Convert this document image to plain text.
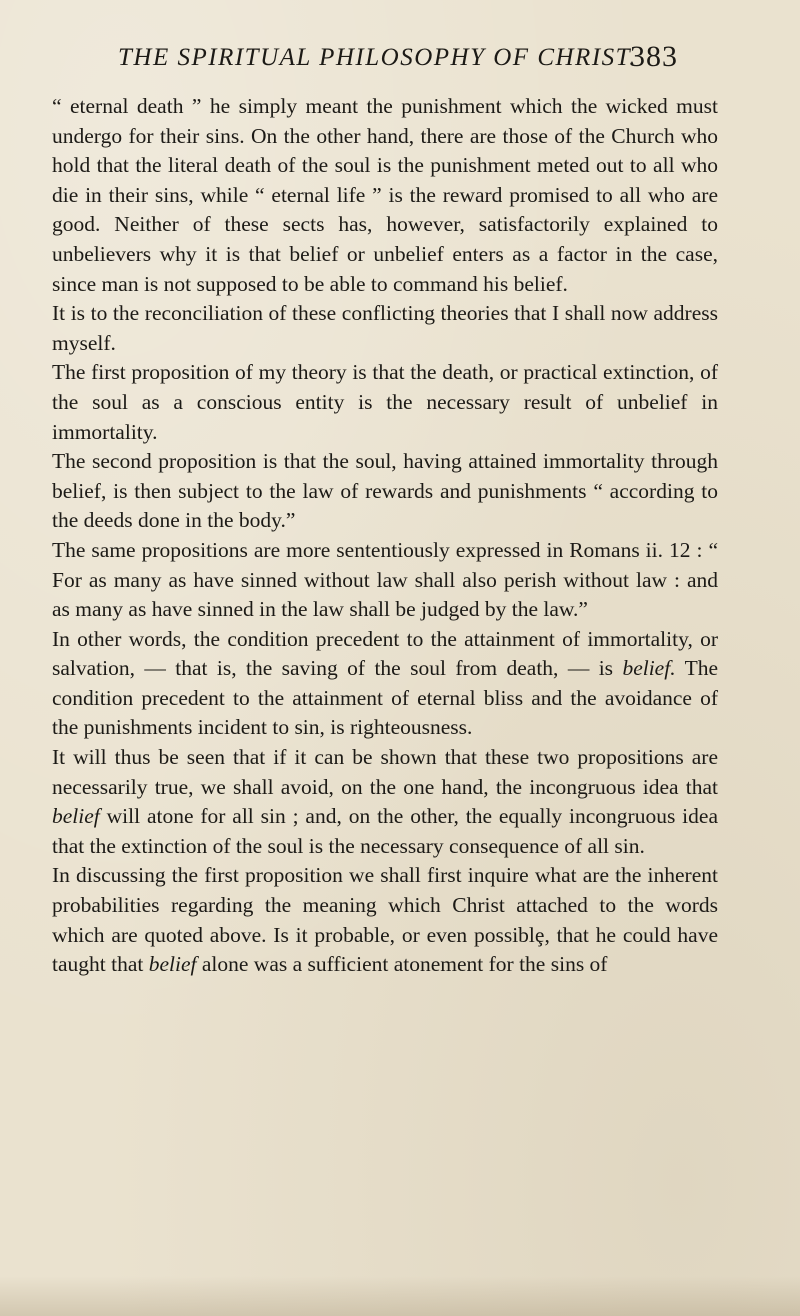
THE SPIRITUAL PHILOSOPHY OF CHRIST.
383

“ eternal death ” he simply meant the punishment which the wicked must undergo for their sins. On the other hand, there are those of the Church who hold that the literal death of the soul is the punishment meted out to all who die in their sins, while “ eternal life ” is the reward promised to all who are good. Neither of these sects has, however, satisfactorily explained to unbelievers why it is that belief or unbelief enters as a factor in the case, since man is not supposed to be able to command his belief.

It is to the reconciliation of these conflicting theories that I shall now address myself.

The first proposition of my theory is that the death, or practical extinction, of the soul as a conscious entity is the necessary result of unbelief in immortality.

The second proposition is that the soul, having attained immortality through belief, is then subject to the law of rewards and punishments “ according to the deeds done in the body.”

The same propositions are more sententiously expressed in Romans ii. 12 : “ For as many as have sinned without law shall also perish without law : and as many as have sinned in the law shall be judged by the law.”

In other words, the condition precedent to the attainment of immortality, or salvation, — that is, the saving of the soul from death, — is belief. The condition precedent to the attainment of eternal bliss and the avoidance of the punishments incident to sin, is righteousness.

It will thus be seen that if it can be shown that these two propositions are necessarily true, we shall avoid, on the one hand, the incongruous idea that belief will atone for all sin ; and, on the other, the equally incongruous idea that the extinction of the soul is the necessary consequence of all sin.

In discussing the first proposition we shall first inquire what are the inherent probabilities regarding the meaning which Christ attached to the words which are quoted above. Is it probable, or even possiblȩ, that he could have taught that belief alone was a sufficient atonement for the sins of
